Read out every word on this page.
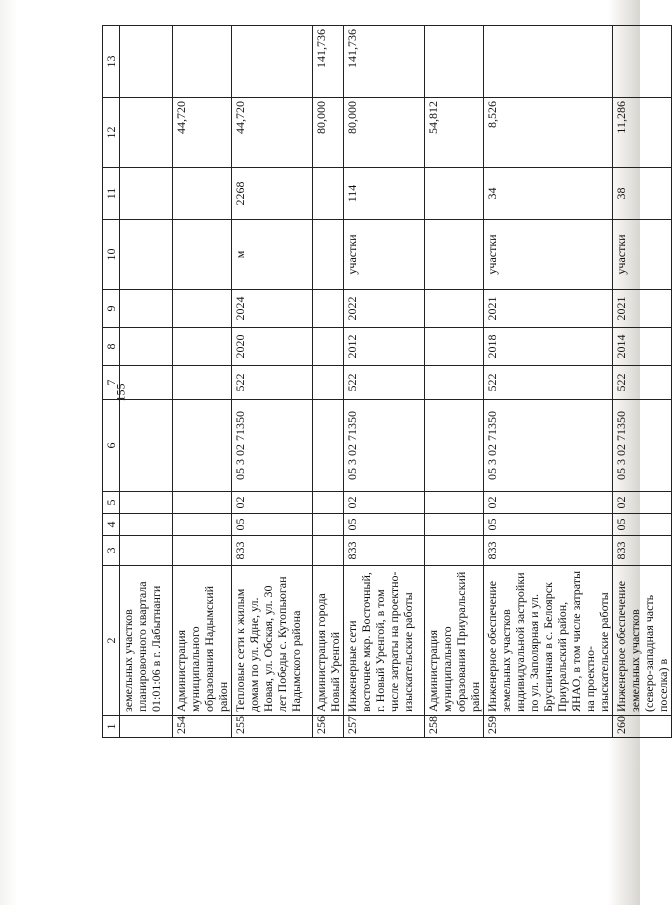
155
1	2	3	4	5	6	7	8	9	10	11	12	13
	земельных участков планировочного квартала 01:01:06 в г. Лабытнанги											
254	Администрация муниципального образования Надымский район										44,720	
255	Тепловые сети к жилым домам по ул. Ядне, ул. Новая, ул. Обская, ул. 30 лет Победы с. Кутопьюган Надымского района	833	05	02	05 3 02 71350	522	2020	2024	м	2268	44,720	
256	Администрация города Новый Уренгой										80,000	141,736
257	Инженерные сети восточнее мкр. Восточный, г. Новый Уренгой, в том числе затраты на проектно-изыскательские работы	833	05	02	05 3 02 71350	522	2012	2022	участки	114	80,000	141,736
258	Администрация муниципального образования Приуральский район										54,812	
259	Инженерное обеспечение земельных участков индивидуальной застройки по ул. Заполярная и ул. Брусничная в с. Белоярск Приуральский район, ЯНАО, в том числе затраты на проектно-изыскательские работы	833	05	02	05 3 02 71350	522	2018	2021	участки	34	8,526	
260	Инженерное обеспечение земельных участков (северо-западная часть поселка) в	833	05	02	05 3 02 71350	522	2014	2021	участки	38	11,286	
